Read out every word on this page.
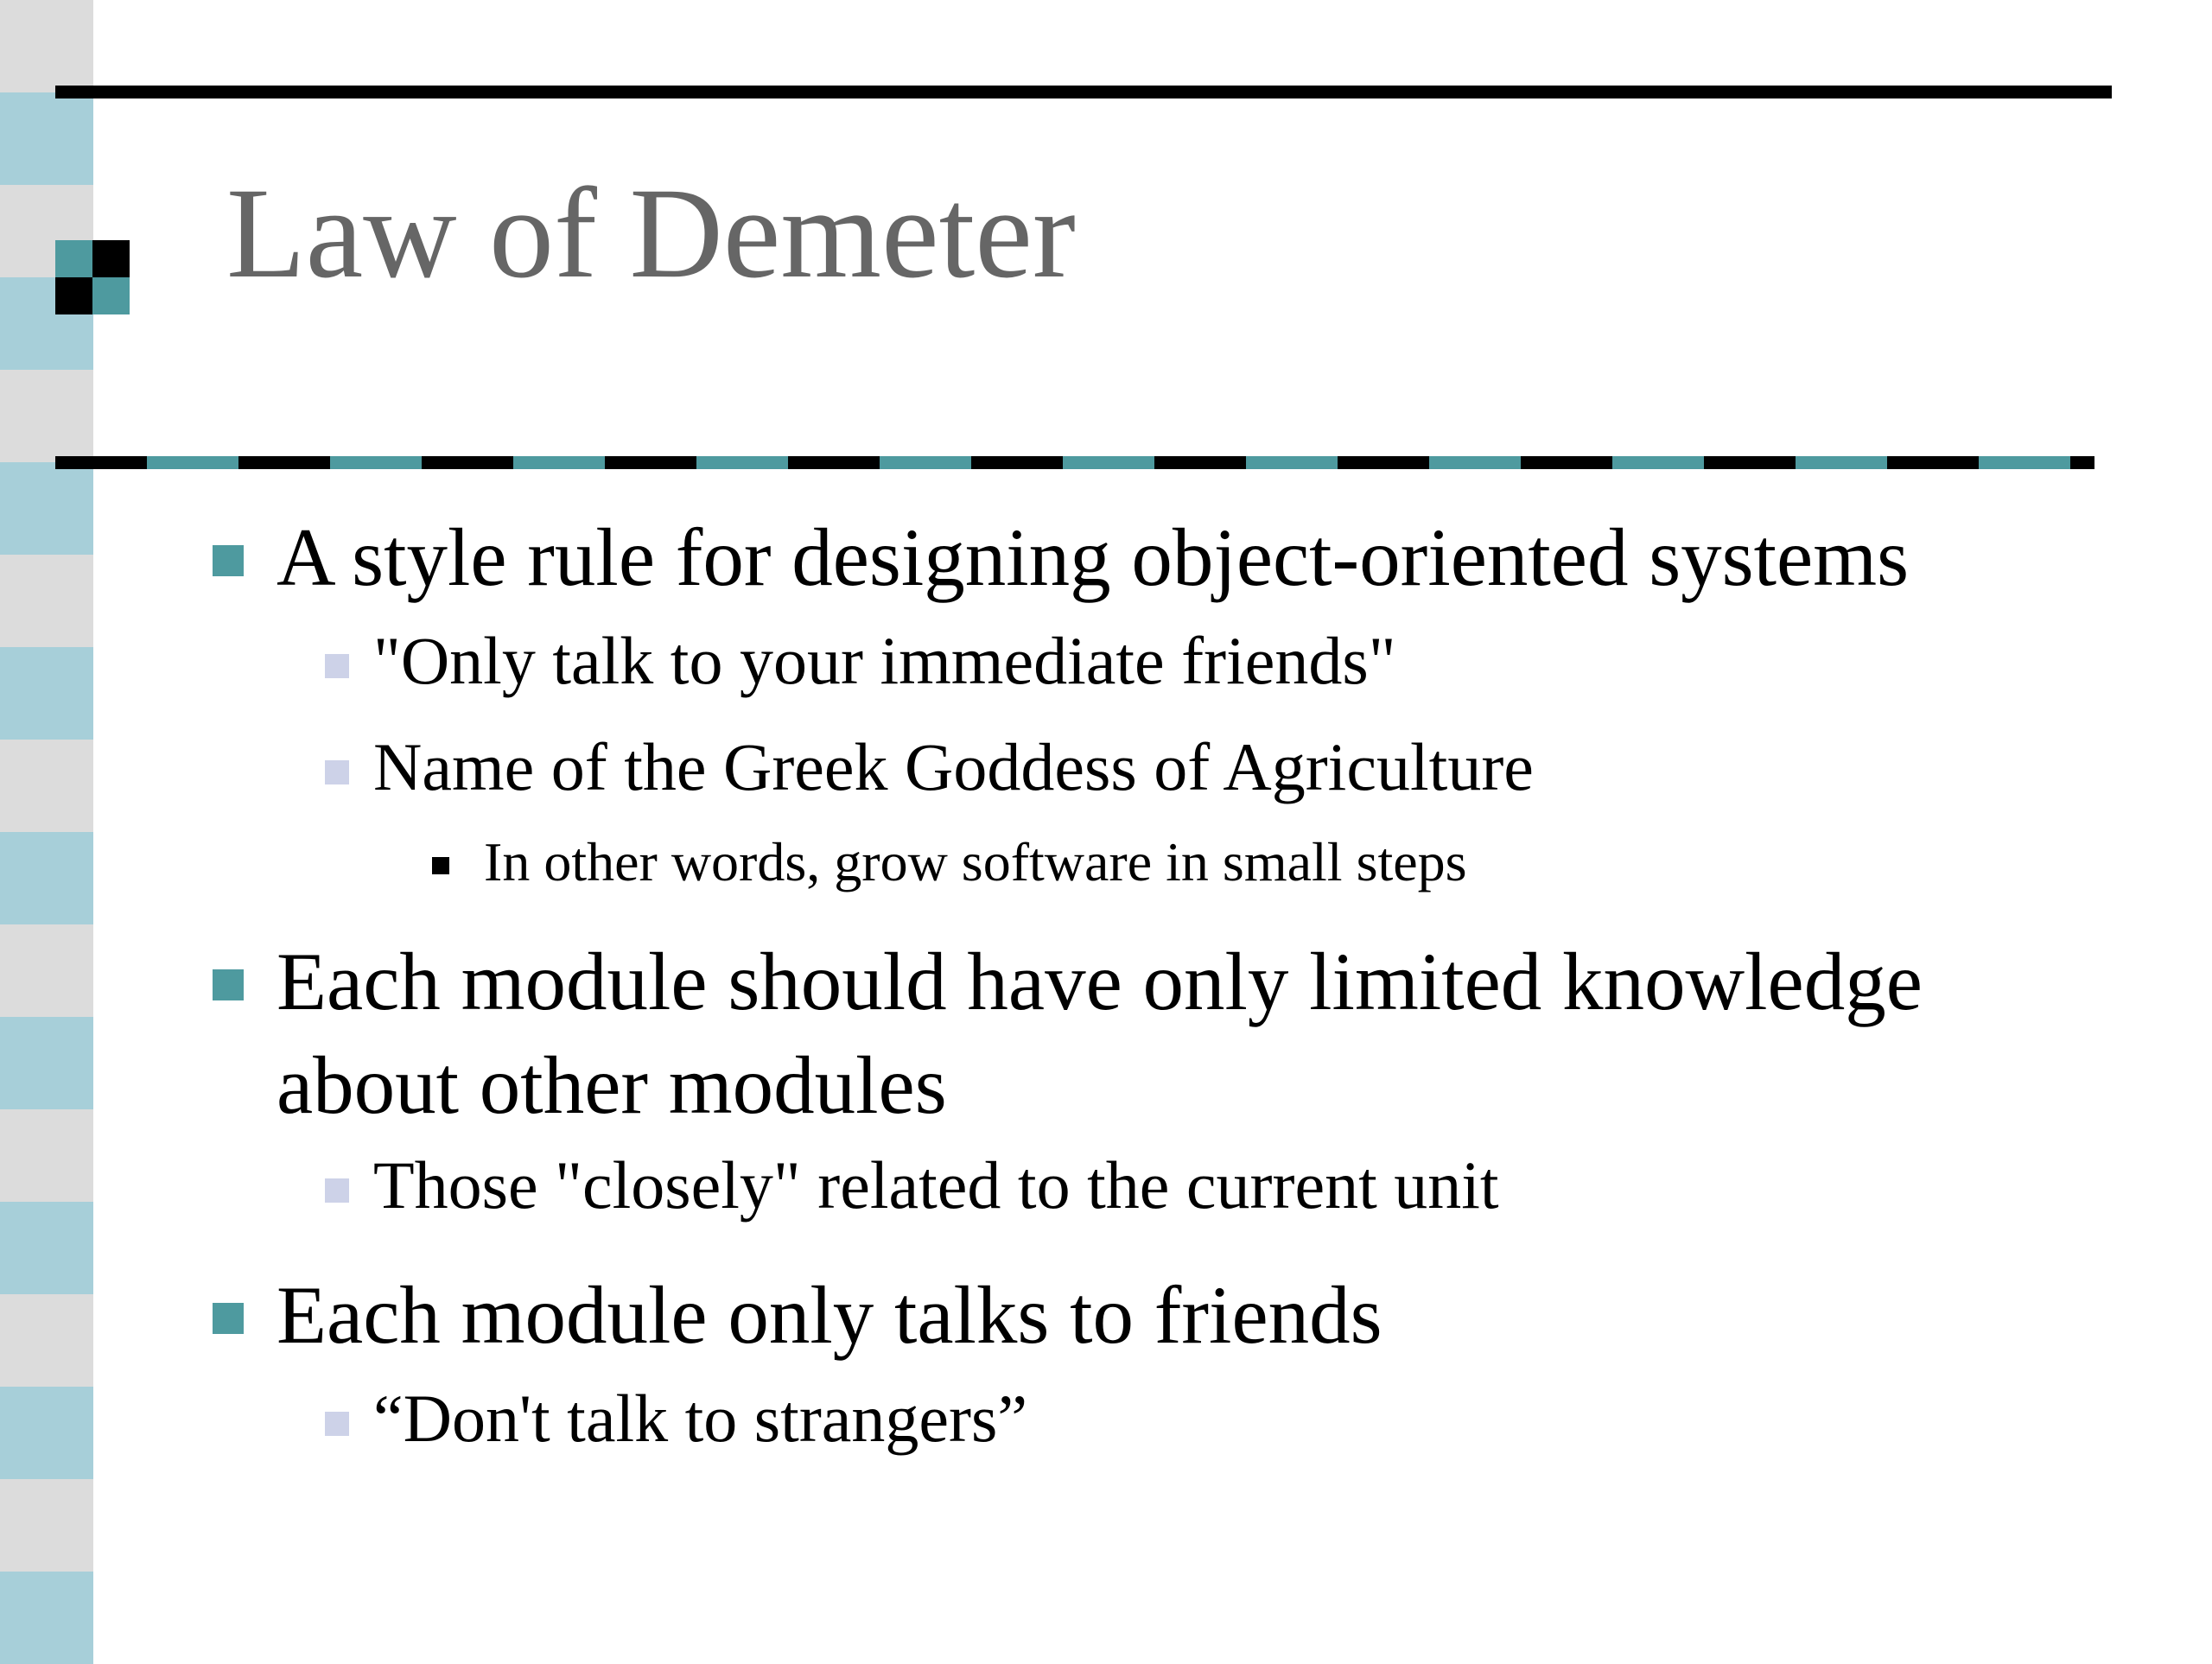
Law of Demeter
A style rule for designing object-oriented systems
"Only talk to your immediate friends"
Name of the Greek Goddess of Agriculture
In other words, grow software in small steps
Each module should have only limited knowledge
about other modules
Those "closely" related to the current unit
Each module only talks to friends
“Don't talk to strangers”
